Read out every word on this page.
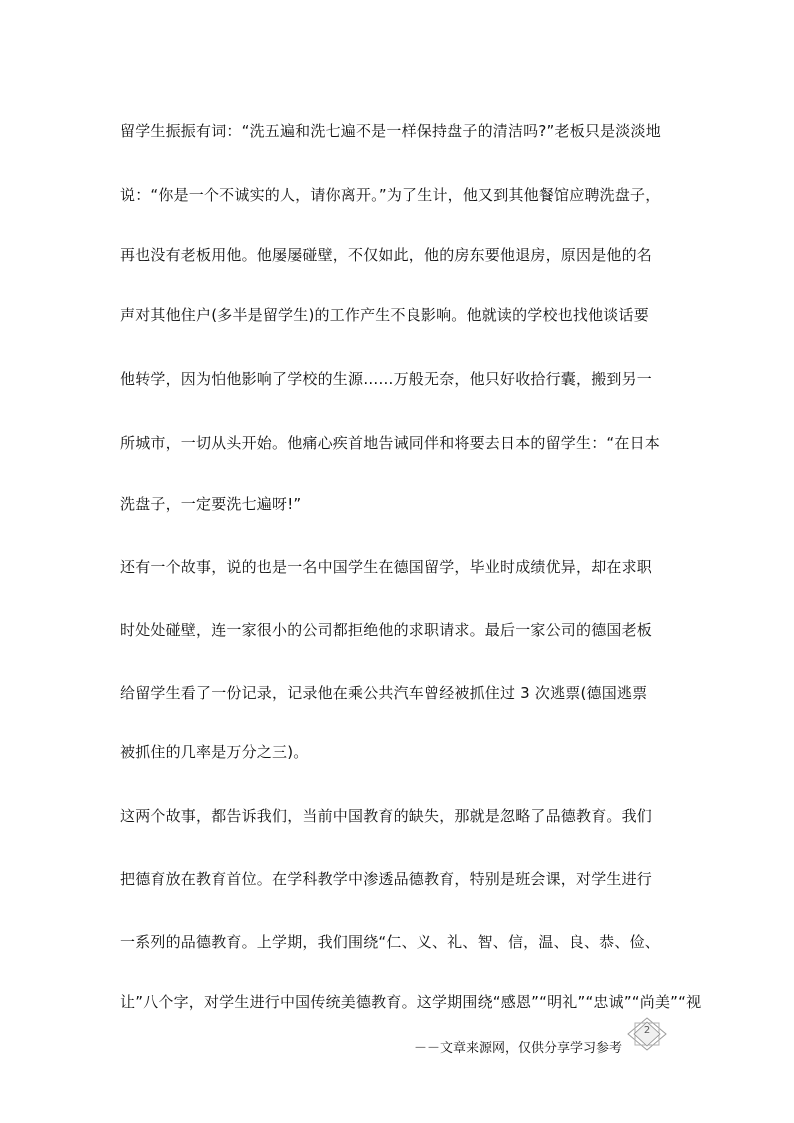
留学生振振有词：“洗五遍和洗七遍不是一样保持盘子的清洁吗?”老板只是淡淡地
说：“你是一个不诚实的人，请你离开。”为了生计，他又到其他餐馆应聘洗盘子，
再也没有老板用他。他屡屡碰壁，不仅如此，他的房东要他退房，原因是他的名
声对其他住户(多半是留学生)的工作产生不良影响。他就读的学校也找他谈话要
他转学，因为怕他影响了学校的生源……万般无奈，他只好收拾行囊，搬到另一
所城市，一切从头开始。他痛心疾首地告诫同伴和将要去日本的留学生：“在日本
洗盘子，一定要洗七遍呀!”
还有一个故事，说的也是一名中国学生在德国留学，毕业时成绩优异，却在求职
时处处碰壁，连一家很小的公司都拒绝他的求职请求。最后一家公司的德国老板
给留学生看了一份记录，记录他在乘公共汽车曾经被抓住过 3 次逃票(德国逃票
被抓住的几率是万分之三)。
这两个故事，都告诉我们，当前中国教育的缺失，那就是忽略了品德教育。我们
把德育放在教育首位。在学科教学中渗透品德教育，特别是班会课，对学生进行
一系列的品德教育。上学期，我们围绕“仁、义、礼、智、信，温、良、恭、俭、
让”八个字，对学生进行中国传统美德教育。这学期围绕“感恩”“明礼”“忠诚”“尚美”“视
2
－－文章来源网，仅供分享学习参考
